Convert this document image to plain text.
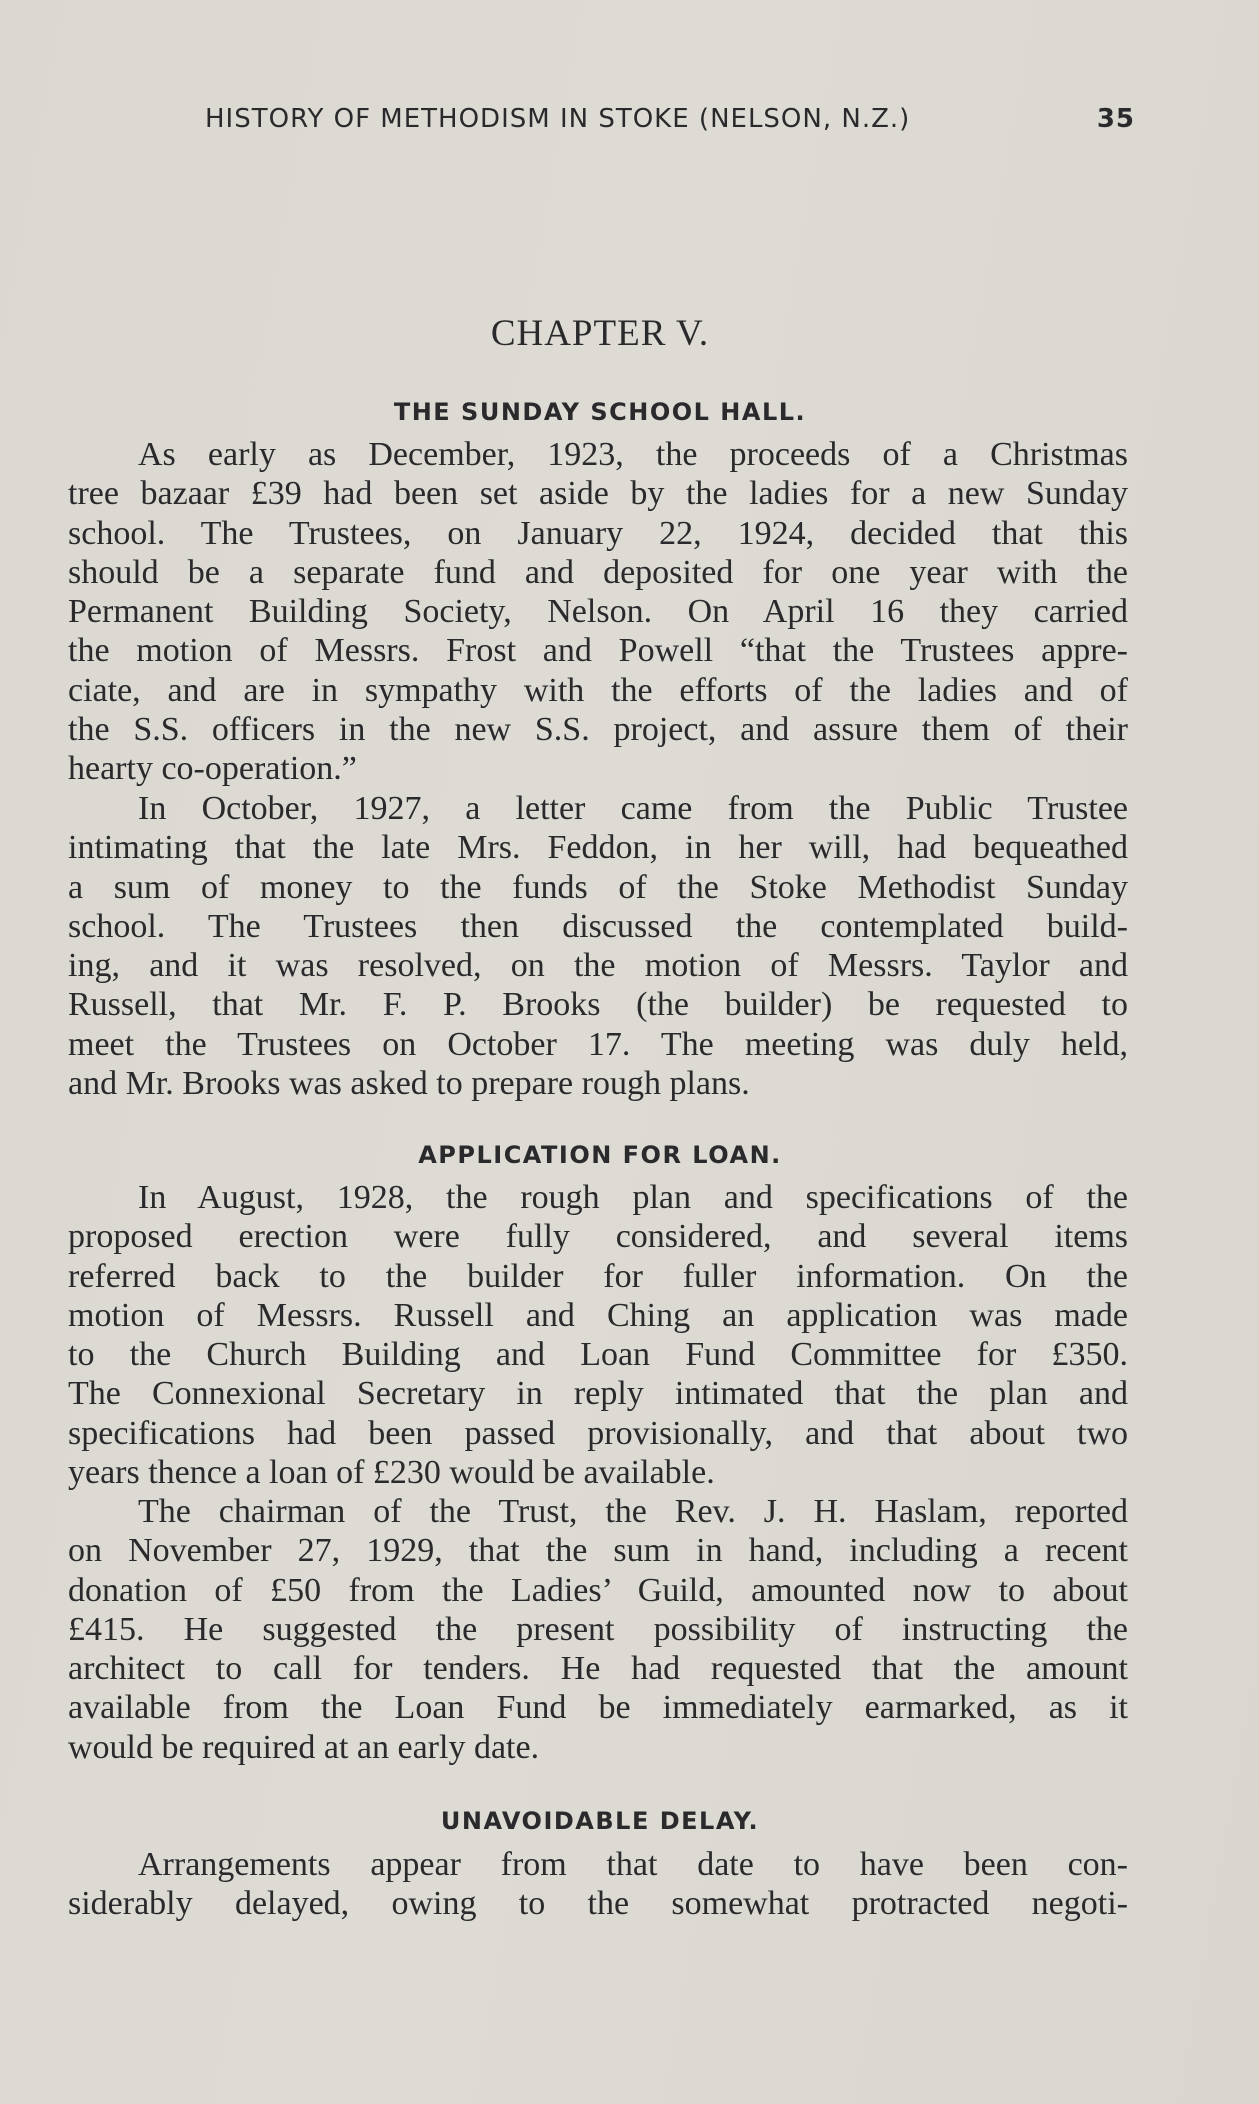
HISTORY OF METHODISM IN STOKE (NELSON, N.Z.)	35
CHAPTER V.
THE SUNDAY SCHOOL HALL.
As early as December, 1923, the proceeds of a Christmas
tree bazaar £39 had been set aside by the ladies for a new Sunday
school. The Trustees, on January 22, 1924, decided that this
should be a separate fund and deposited for one year with the
Permanent Building Society, Nelson. On April 16 they carried
the motion of Messrs. Frost and Powell “that the Trustees appre-
ciate, and are in sympathy with the efforts of the ladies and of
the S.S. officers in the new S.S. project, and assure them of their
hearty co-operation.”
In October, 1927, a letter came from the Public Trustee
intimating that the late Mrs. Feddon, in her will, had bequeathed
a sum of money to the funds of the Stoke Methodist Sunday
school. The Trustees then discussed the contemplated build-
ing, and it was resolved, on the motion of Messrs. Taylor and
Russell, that Mr. F. P. Brooks (the builder) be requested to
meet the Trustees on October 17. The meeting was duly held,
and Mr. Brooks was asked to prepare rough plans.
APPLICATION FOR LOAN.
In August, 1928, the rough plan and specifications of the
proposed erection were fully considered, and several items
referred back to the builder for fuller information. On the
motion of Messrs. Russell and Ching an application was made
to the Church Building and Loan Fund Committee for £350.
The Connexional Secretary in reply intimated that the plan and
specifications had been passed provisionally, and that about two
years thence a loan of £230 would be available.
The chairman of the Trust, the Rev. J. H. Haslam, reported
on November 27, 1929, that the sum in hand, including a recent
donation of £50 from the Ladies’ Guild, amounted now to about
£415. He suggested the present possibility of instructing the
architect to call for tenders. He had requested that the amount
available from the Loan Fund be immediately earmarked, as it
would be required at an early date.
UNAVOIDABLE DELAY.
Arrangements appear from that date to have been con-
siderably delayed, owing to the somewhat protracted negoti-
